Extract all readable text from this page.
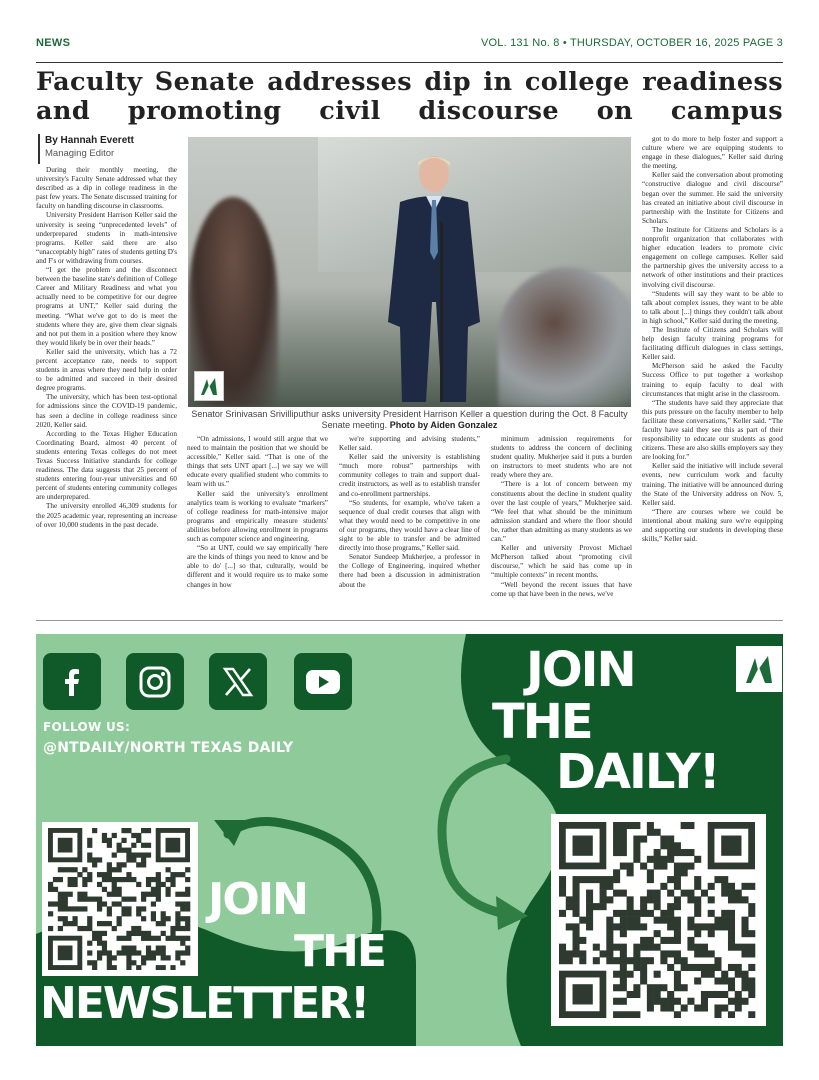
NEWS	VOL. 131 No. 8 • THURSDAY, OCTOBER 16, 2025 PAGE 3
Faculty Senate addresses dip in college readiness and promoting civil discourse on campus
By Hannah Everett
Managing Editor

During their monthly meeting, the university's Faculty Senate addressed what they described as a dip in college readiness in the past few years. The Senate discussed training for faculty on handling discourse in classrooms.

University President Harrison Keller said the university is seeing “unprecedented levels” of underprepared students in math-intensive programs. Keller said there are also “unacceptably high” rates of students getting D's and F's or withdrawing from courses.

“I get the problem and the disconnect between the baseline state's definition of College Career and Military Readiness and what you actually need to be competitive for our degree programs at UNT,” Keller said during the meeting. “What we've got to do is meet the students where they are, give them clear signals and not put them in a position where they know they would likely be in over their heads.”

Keller said the university, which has a 72 percent acceptance rate, needs to support students in areas where they need help in order to be admitted and succeed in their desired degree programs.

The university, which has been test-optional for admissions since the COVID-19 pandemic, has seen a decline in college readiness since 2020, Keller said.

According to the Texas Higher Education Coordinating Board, almost 40 percent of students entering Texas colleges do not meet Texas Success Initiative standards for college readiness. The data suggests that 25 percent of students entering four-year universities and 60 percent of students entering community colleges are underprepared.

The university enrolled 46,309 students for the 2025 academic year, representing an increase of over 10,000 students in the past decade.

“On admissions, I would still argue that we need to maintain the position that we should be accessible,” Keller said. “That is one of the things that sets UNT apart [...] we say we will educate every qualified student who commits to learn with us.”

Keller said the university's enrollment analytics team is working to evaluate “markers” of college readiness for math-intensive major programs and empirically measure students' abilities before allowing enrollment in programs such as computer science and engineering.

“So at UNT, could we say empirically 'here are the kinds of things you need to know and be able to do' [...] so that, culturally, would be different and it would require us to make some changes in how

we're supporting and advising students,” Keller said.

Keller said the university is establishing “much more robust” partnerships with community colleges to train and support dual-credit instructors, as well as to establish transfer and co-enrollment partnerships.

“So students, for example, who've taken a sequence of dual credit courses that align with what they would need to be competitive in one of our programs, they would have a clear line of sight to be able to transfer and be admitted directly into those programs,” Keller said.

Senator Sundeep Mukherjee, a professor in the College of Engineering, inquired whether there had been a discussion in administration about the

minimum admission requirements for students to address the concern of declining student quality. Mukherjee said it puts a burden on instructors to meet students who are not ready where they are.

“There is a lot of concern between my constituents about the decline in student quality over the last couple of years,” Mukherjee said. “We feel that what should be the minimum admission standard and where the floor should be, rather than admitting as many students as we can.”

Keller and university Provost Michael McPherson talked about “promoting civil discourse,” which he said has come up in “multiple contexts” in recent months.

“Well beyond the recent issues that have come up that have been in the news, we've

got to do more to help foster and support a culture where we are equipping students to engage in these dialogues,” Keller said during the meeting.

Keller said the conversation about promoting “constructive dialogue and civil discourse” began over the summer. He said the university has created an initiative about civil discourse in partnership with the Institute for Citizens and Scholars.

The Institute for Citizens and Scholars is a nonprofit organization that collaborates with higher education leaders to promote civic engagement on college campuses. Keller said the partnership gives the university access to a network of other institutions and their practices involving civil discourse.

“Students will say they want to be able to talk about complex issues, they want to be able to talk about [...] things they couldn't talk about in high school,” Keller said during the meeting.

The Institute of Citizens and Scholars will help design faculty training programs for facilitating difficult dialogues in class settings, Keller said.

McPherson said he asked the Faculty Success Office to put together a workshop training to equip faculty to deal with circumstances that might arise in the classroom.

“The students have said they appreciate that this puts pressure on the faculty member to help facilitate these conversations,” Keller said. “The faculty have said they see this as part of their responsibility to educate our students as good citizens. These are also skills employers say they are looking for.”

Keller said the initiative will include several events, new curriculum work and faculty training. The initiative will be announced during the State of the University address on Nov. 5, Keller said.

“There are courses where we could be intentional about making sure we're equipping and supporting our students in developing these skills,” Keller said.

Senator Srinivasan Srivilliputhur asks university President Harrison Keller a question during the Oct. 8 Faculty Senate meeting. Photo by Aiden Gonzalez
FOLLOW US:
@NTDAILY/NORTH TEXAS DAILY
JOIN
THE
DAILY!
JOIN
THE
NEWSLETTER!
